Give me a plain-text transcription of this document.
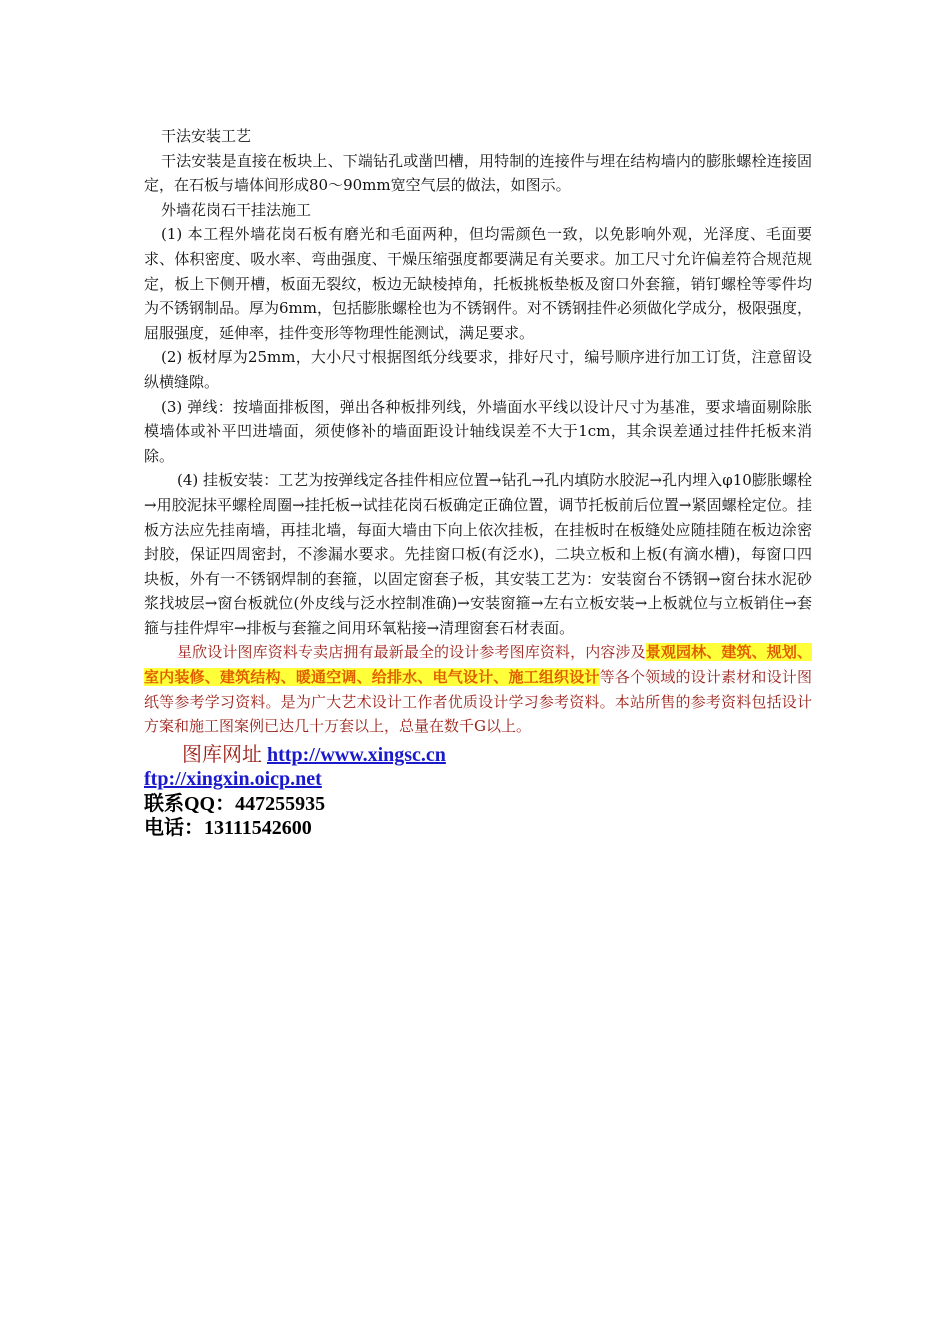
干法安装工艺

干法安装是直接在板块上、下端钻孔或凿凹槽，用特制的连接件与埋在结构墙内的膨胀螺栓连接固定，在石板与墙体间形成80～90mm宽空气层的做法，如图示。

外墙花岗石干挂法施工

(1) 本工程外墙花岗石板有磨光和毛面两种，但均需颜色一致，以免影响外观，光泽度、毛面要求、体积密度、吸水率、弯曲强度、干燥压缩强度都要满足有关要求。加工尺寸允许偏差符合规范规定，板上下侧开槽，板面无裂纹，板边无缺棱掉角，托板挑板垫板及窗口外套箍，销钉螺栓等零件均为不锈钢制品。厚为6mm，包括膨胀螺栓也为不锈钢件。对不锈钢挂件必须做化学成分，极限强度，屈服强度，延伸率，挂件变形等物理性能测试，满足要求。

(2) 板材厚为25mm，大小尺寸根据图纸分线要求，排好尺寸，编号顺序进行加工订货，注意留设纵横缝隙。

(3) 弹线：按墙面排板图，弹出各种板排列线，外墙面水平线以设计尺寸为基准，要求墙面剔除胀模墙体或补平凹进墙面，须使修补的墙面距设计轴线误差不大于1cm，其余误差通过挂件托板来消除。

(4) 挂板安装：工艺为按弹线定各挂件相应位置→钻孔→孔内填防水胶泥→孔内埋入φ10膨胀螺栓→用胶泥抹平螺栓周圈→挂托板→试挂花岗石板确定正确位置，调节托板前后位置→紧固螺栓定位。挂板方法应先挂南墙，再挂北墙，每面大墙由下向上依次挂板，在挂板时在板缝处应随挂随在板边涂密封胶，保证四周密封，不渗漏水要求。先挂窗口板(有泛水)，二块立板和上板(有滴水槽)，每窗口四块板，外有一不锈钢焊制的套箍，以固定窗套子板，其安装工艺为：安装窗台不锈钢→窗台抹水泥砂浆找坡层→窗台板就位(外皮线与泛水控制准确)→安装窗箍→左右立板安装→上板就位与立板销住→套箍与挂件焊牢→排板与套箍之间用环氧粘接→清理窗套石材表面。

星欣设计图库资料专卖店拥有最新最全的设计参考图库资料，内容涉及景观园林、建筑、规划、室内装修、建筑结构、暖通空调、给排水、电气设计、施工组织设计等各个领域的设计素材和设计图纸等参考学习资料。是为广大艺术设计工作者优质设计学习参考资料。本站所售的参考资料包括设计方案和施工图案例已达几十万套以上，总量在数千G以上。

图库网址 http://www.xingsc.cn
ftp://xingxin.oicp.net
联系QQ：447255935
电话：13111542600
